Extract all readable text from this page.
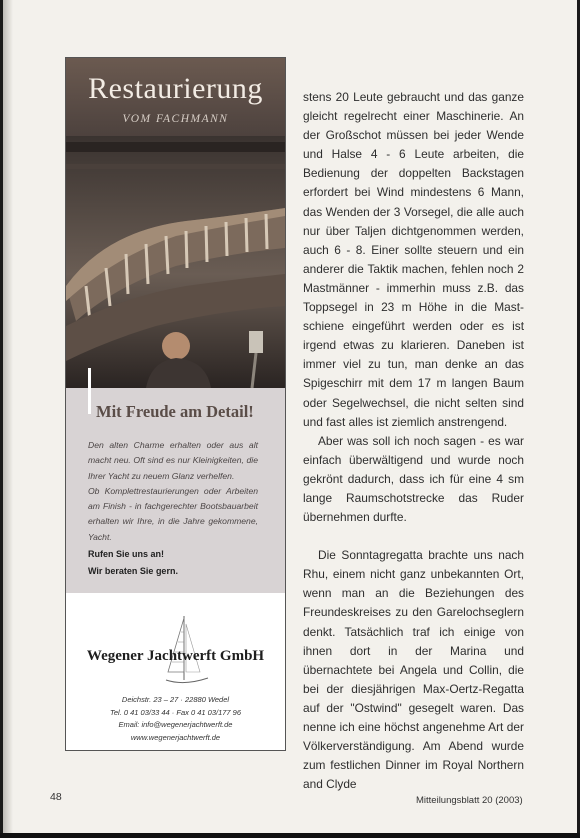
Restaurierung
VOM FACHMANN
Mit Freude am Detail!

Den alten Charme erhalten oder aus alt macht neu. Oft sind es nur Kleinigkeiten, die Ihrer Yacht zu neuem Glanz verhelfen.

Ob Komplettrestaurierungen oder Arbeiten am Finish - in fachgerechter Bootsbauarbeit erhalten wir Ihre, in die Jahre gekommene, Yacht.

Rufen Sie uns an!

Wir beraten Sie gern.

Wegener Jachtwerft GmbH

Deichstr. 23 – 27 · 22880 Wedel

Tel. 0 41 03/33 44 · Fax 0 41 03/177 96

Email: info@wegenerjachtwerft.de

www.wegenerjachtwerft.de

stens 20 Leute gebraucht und das ganze gleicht regelrecht einer Maschinerie. An der Großschot müssen bei jeder Wende und Halse 4 - 6 Leute arbeiten, die Bedienung der doppelten Backstagen erfordert bei Wind mindestens 6 Mann, das Wenden der 3 Vorsegel, die alle auch nur über Taljen dichtgenommen werden, auch 6 - 8. Einer sollte steuern und ein anderer die Taktik machen, fehlen noch 2 Mastmänner - immerhin muss z.B. das Toppsegel in 23 m Höhe in die Mastschiene eingeführt werden oder es ist irgend etwas zu klarieren. Daneben ist immer viel zu tun, man denke an das Spigeschirr mit dem 17 m langen Baum oder Segelwechsel, die nicht selten sind und fast alles ist ziemlich anstrengend.

Aber was soll ich noch sagen - es war einfach überwältigend und wurde noch gekrönt dadurch, dass ich für eine 4 sm lange Raumschotstrecke das Ruder übernehmen durfte.

Die Sonntagregatta brachte uns nach Rhu, einem nicht ganz unbekannten Ort, wenn man an die Beziehungen des Freundeskreises zu den Garelochseglern denkt. Tatsächlich traf ich einige von ihnen dort in der Marina und übernachtete bei Angela und Collin, die bei der diesjährigen Max-Oertz-Regatta auf der "Ostwind" gesegelt waren. Das nenne ich eine höchst angenehme Art der Völkerverständigung. Am Abend wurde zum festlichen Dinner im Royal Northern and Clyde

48	Mitteilungsblatt 20 (2003)
